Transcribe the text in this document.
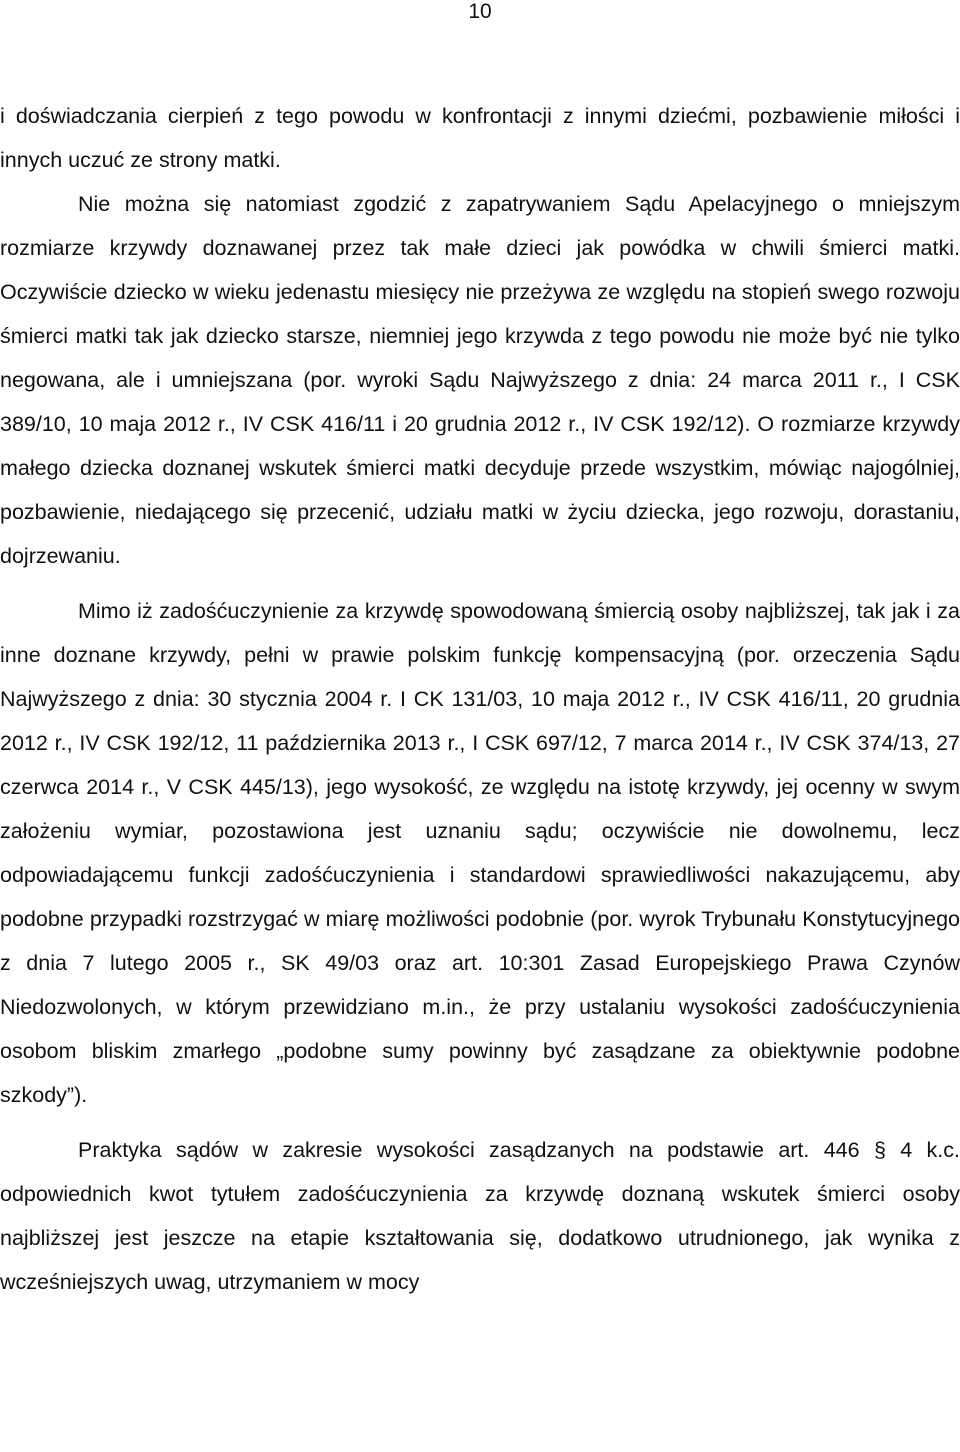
10

i doświadczania cierpień z tego powodu w konfrontacji z innymi dziećmi, pozbawienie miłości i innych uczuć ze strony matki.

Nie można się natomiast zgodzić z zapatrywaniem Sądu Apelacyjnego o mniejszym rozmiarze krzywdy doznawanej przez tak małe dzieci jak powódka w chwili śmierci matki. Oczywiście dziecko w wieku jedenastu miesięcy nie przeżywa ze względu na stopień swego rozwoju śmierci matki tak jak dziecko starsze, niemniej jego krzywda z tego powodu nie może być nie tylko negowana, ale i umniejszana (por. wyroki Sądu Najwyższego z dnia: 24 marca 2011 r., I CSK 389/10, 10 maja 2012 r., IV CSK 416/11 i 20 grudnia 2012 r., IV CSK 192/12). O rozmiarze krzywdy małego dziecka doznanej wskutek śmierci matki decyduje przede wszystkim, mówiąc najogólniej, pozbawienie, niedającego się przecenić, udziału matki w życiu dziecka, jego rozwoju, dorastaniu, dojrzewaniu.

Mimo iż zadośćuczynienie za krzywdę spowodowaną śmiercią osoby najbliższej, tak jak i za inne doznane krzywdy, pełni w prawie polskim funkcję kompensacyjną (por. orzeczenia Sądu Najwyższego z dnia: 30 stycznia 2004 r. I CK 131/03, 10 maja 2012 r., IV CSK 416/11, 20 grudnia 2012 r., IV CSK 192/12, 11 października 2013 r., I CSK 697/12, 7 marca 2014 r., IV CSK 374/13, 27 czerwca 2014 r., V CSK 445/13), jego wysokość, ze względu na istotę krzywdy, jej ocenny w swym założeniu wymiar, pozostawiona jest uznaniu sądu; oczywiście nie dowolnemu, lecz odpowiadającemu funkcji zadośćuczynienia i standardowi sprawiedliwości nakazującemu, aby podobne przypadki rozstrzygać w miarę możliwości podobnie (por. wyrok Trybunału Konstytucyjnego z dnia 7 lutego 2005 r., SK 49/03 oraz art. 10:301 Zasad Europejskiego Prawa Czynów Niedozwolonych, w którym przewidziano m.in., że przy ustalaniu wysokości zadośćuczynienia osobom bliskim zmarłego „podobne sumy powinny być zasądzane za obiektywnie podobne szkody”).

Praktyka sądów w zakresie wysokości zasądzanych na podstawie art. 446 § 4 k.c. odpowiednich kwot tytułem zadośćuczynienia za krzywdę doznaną wskutek śmierci osoby najbliższej jest jeszcze na etapie kształtowania się, dodatkowo utrudnionego, jak wynika z wcześniejszych uwag, utrzymaniem w mocy
